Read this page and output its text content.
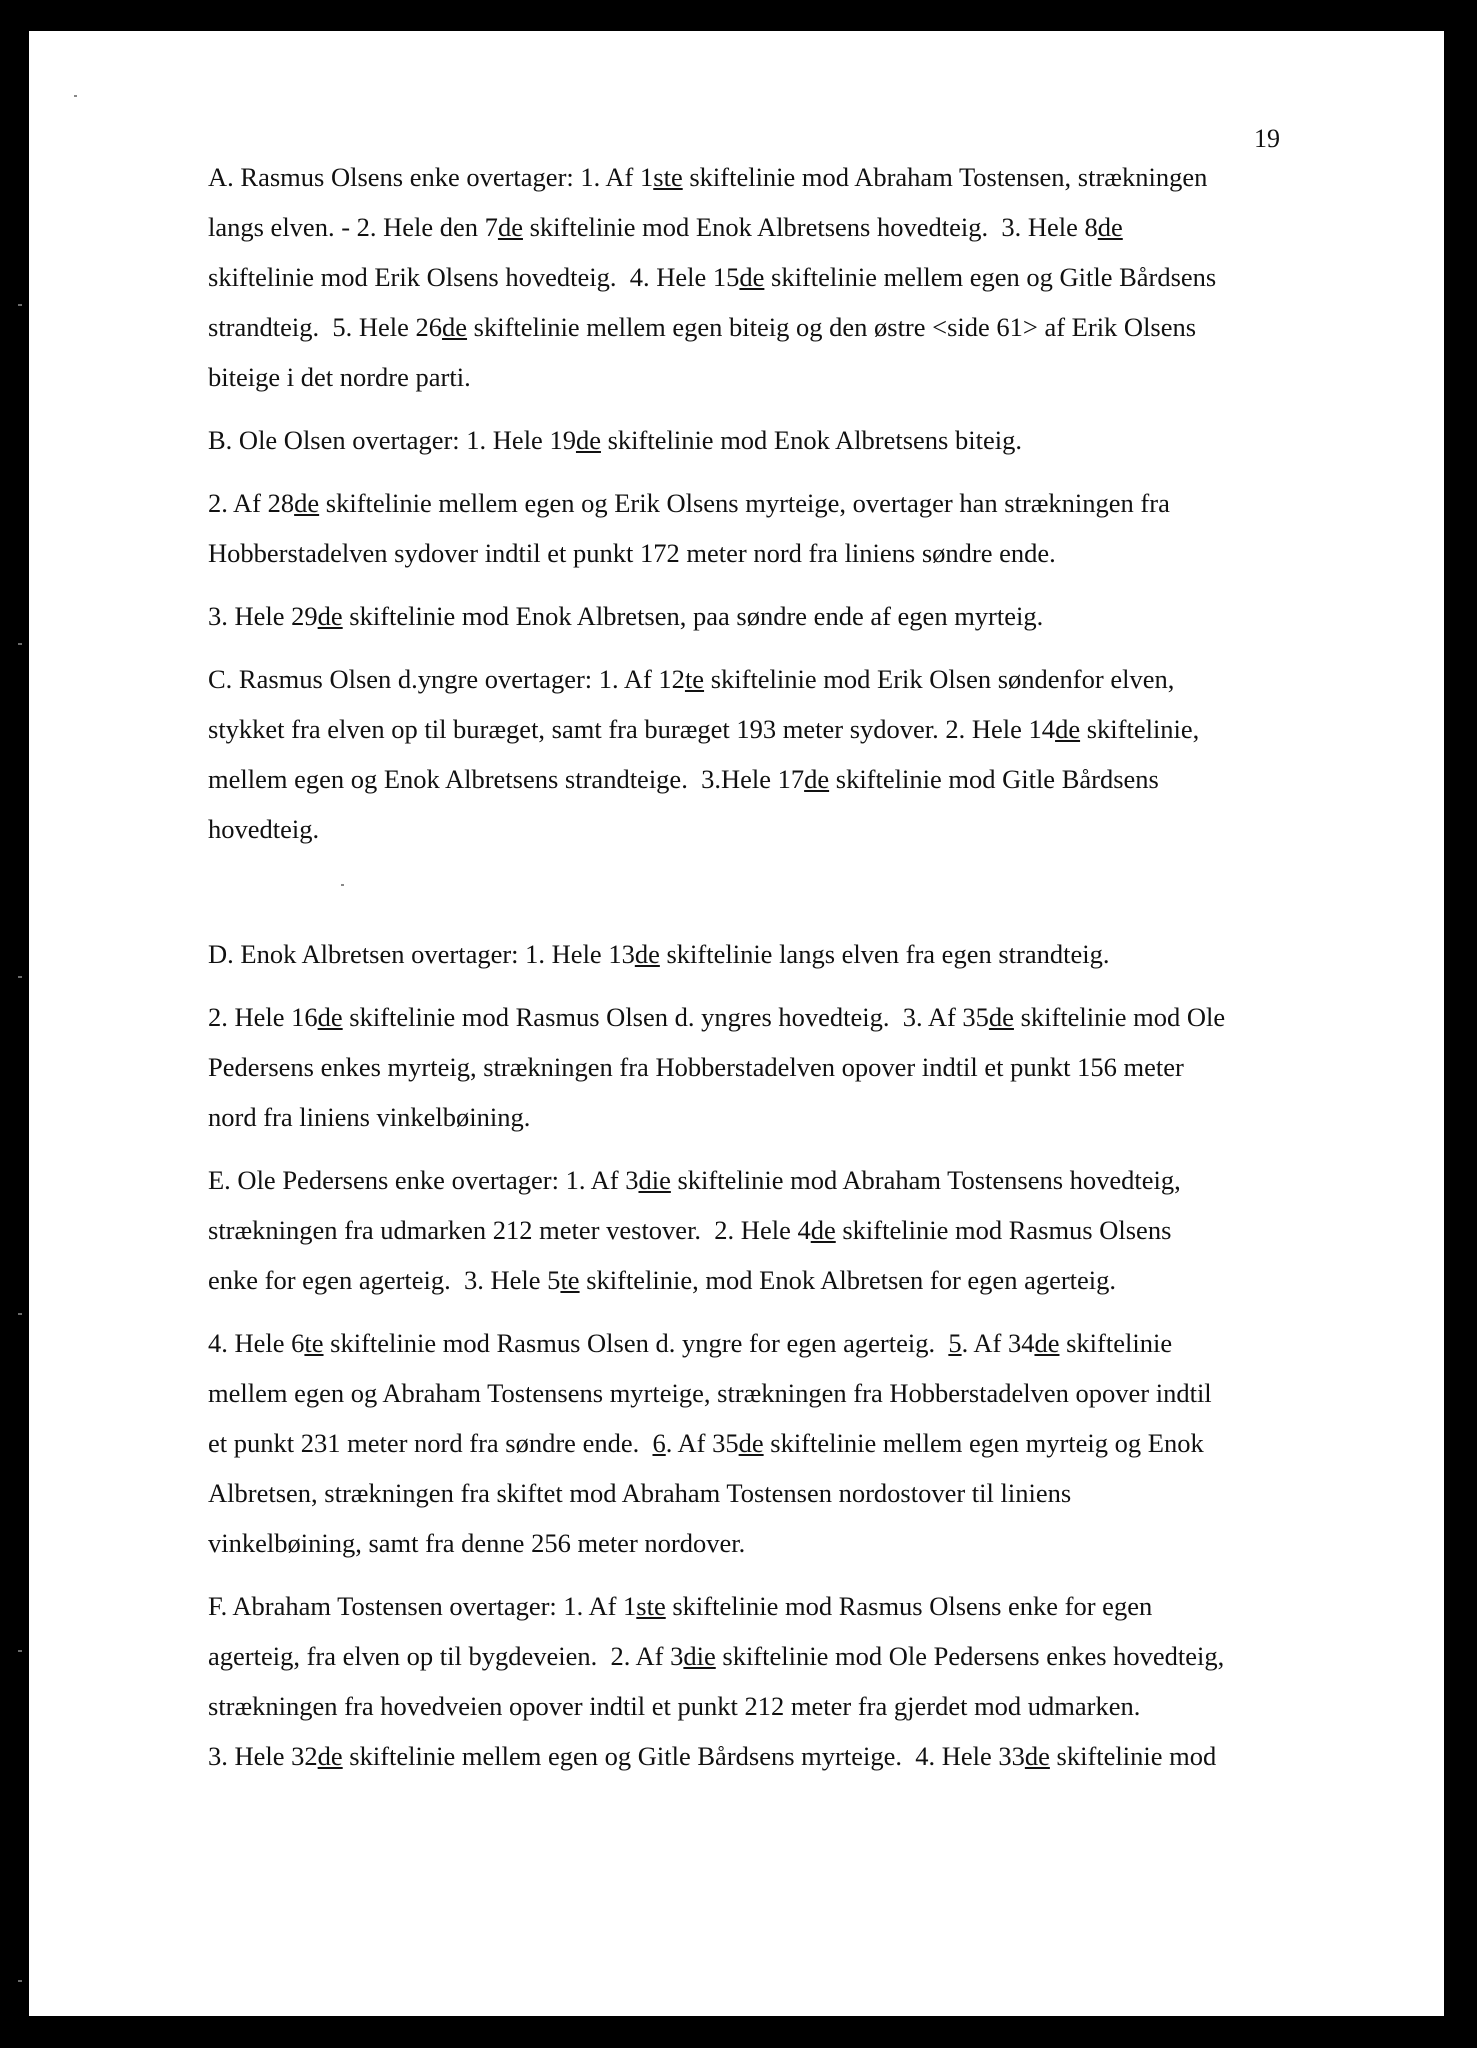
19
A. Rasmus Olsens enke overtager: 1. Af 1ste skiftelinie mod Abraham Tostensen, strækningen
langs elven. - 2. Hele den 7de skiftelinie mod Enok Albretsens hovedteig.  3. Hele 8de
skiftelinie mod Erik Olsens hovedteig.  4. Hele 15de skiftelinie mellem egen og Gitle Bårdsens
strandteig.  5. Hele 26de skiftelinie mellem egen biteig og den østre <side 61> af Erik Olsens
biteige i det nordre parti.
B. Ole Olsen overtager: 1. Hele 19de skiftelinie mod Enok Albretsens biteig.
2. Af 28de skiftelinie mellem egen og Erik Olsens myrteige, overtager han strækningen fra
Hobberstadelven sydover indtil et punkt 172 meter nord fra liniens søndre ende.
3. Hele 29de skiftelinie mod Enok Albretsen, paa søndre ende af egen myrteig.
C. Rasmus Olsen d.yngre overtager: 1. Af 12te skiftelinie mod Erik Olsen søndenfor elven,
stykket fra elven op til buræget, samt fra buræget 193 meter sydover. 2. Hele 14de skiftelinie,
mellem egen og Enok Albretsens strandteige.  3.Hele 17de skiftelinie mod Gitle Bårdsens
hovedteig.
D. Enok Albretsen overtager: 1. Hele 13de skiftelinie langs elven fra egen strandteig.
2. Hele 16de skiftelinie mod Rasmus Olsen d. yngres hovedteig.  3. Af 35de skiftelinie mod Ole
Pedersens enkes myrteig, strækningen fra Hobberstadelven opover indtil et punkt 156 meter
nord fra liniens vinkelbøining.
E. Ole Pedersens enke overtager: 1. Af 3die skiftelinie mod Abraham Tostensens hovedteig,
strækningen fra udmarken 212 meter vestover.  2. Hele 4de skiftelinie mod Rasmus Olsens
enke for egen agerteig.  3. Hele 5te skiftelinie, mod Enok Albretsen for egen agerteig.
4. Hele 6te skiftelinie mod Rasmus Olsen d. yngre for egen agerteig.  5. Af 34de skiftelinie
mellem egen og Abraham Tostensens myrteige, strækningen fra Hobberstadelven opover indtil
et punkt 231 meter nord fra søndre ende.  6. Af 35de skiftelinie mellem egen myrteig og Enok
Albretsen, strækningen fra skiftet mod Abraham Tostensen nordostover til liniens
vinkelbøining, samt fra denne 256 meter nordover.
F. Abraham Tostensen overtager: 1. Af 1ste skiftelinie mod Rasmus Olsens enke for egen
agerteig, fra elven op til bygdeveien.  2. Af 3die skiftelinie mod Ole Pedersens enkes hovedteig,
strækningen fra hovedveien opover indtil et punkt 212 meter fra gjerdet mod udmarken.
3. Hele 32de skiftelinie mellem egen og Gitle Bårdsens myrteige.  4. Hele 33de skiftelinie mod
